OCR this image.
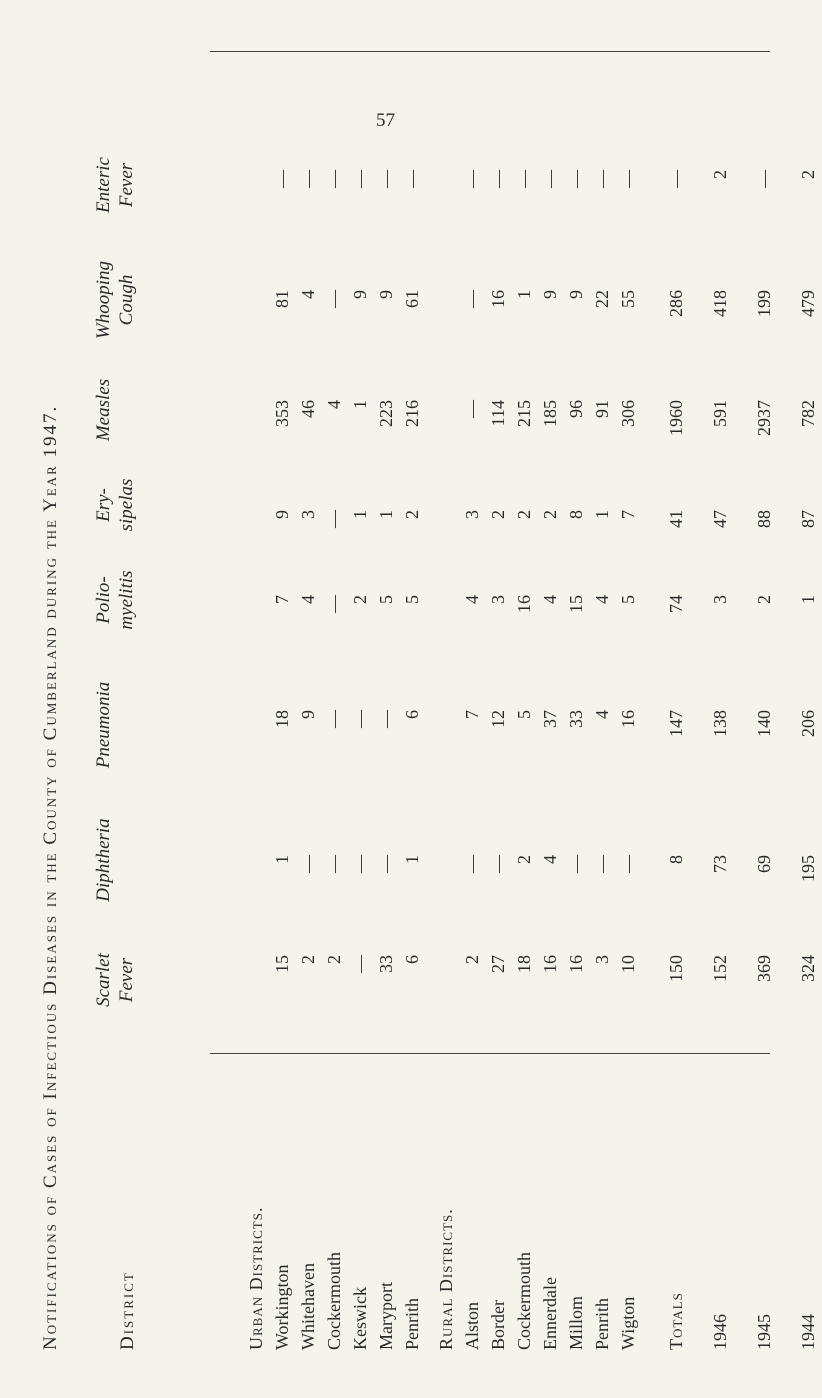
57
Notifications of Cases of Infectious Diseases in the County of Cumberland during the Year 1947.	District
Scarlet Fever
Diphtheria
Pneumonia
Polio-myelitis
Ery-sipelas
Measles
Whooping Cough
Enteric Fever
Urban Districts. Workington
15
1
18
7
9
353
81
—
Whitehaven
2
—
9
4
3
46
4
—
Cockermouth
2
—
—
—
—
4
—
—
Keswick
—
—
—
2
1
1
9
—
Maryport
33
—
—
5
1
223
9
—
Penrith
6
1
6
5
2
216
61
—
Rural Districts. Alston
2
—
7
4
3
—
—
—
Border
27
—
12
3
2
114
16
—
Cockermouth
18
2
5
16
2
215
1
—
Ennerdale
16
4
37
4
2
185
9
—
Millom
16
—
33
15
8
96
9
—
Penrith
3
—
4
4
1
91
22
—
Wigton
10
—
16
5
7
306
55
—
Totals
150
8
147
74
41
1960
286
—
1946
152
73
138
3
47
591
418
2
1945
369
69
140
2
88
2937
199
—
1944
324
195
206
1
87
782
479
2
